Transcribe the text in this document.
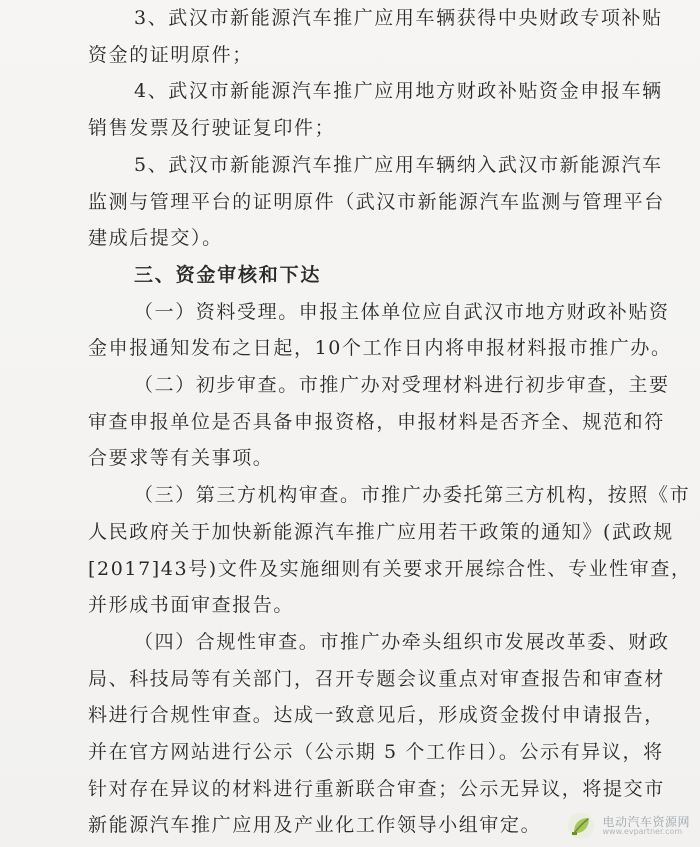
3、武汉市新能源汽车推广应用车辆获得中央财政专项补贴

资金的证明原件；

4、武汉市新能源汽车推广应用地方财政补贴资金申报车辆

销售发票及行驶证复印件；

5、武汉市新能源汽车推广应用车辆纳入武汉市新能源汽车

监测与管理平台的证明原件（武汉市新能源汽车监测与管理平台

建成后提交）。

三、资金审核和下达

（一）资料受理。申报主体单位应自武汉市地方财政补贴资

金申报通知发布之日起，10个工作日内将申报材料报市推广办。

（二）初步审查。市推广办对受理材料进行初步审查，主要

审查申报单位是否具备申报资格，申报材料是否齐全、规范和符

合要求等有关事项。

（三）第三方机构审查。市推广办委托第三方机构，按照《市

人民政府关于加快新能源汽车推广应用若干政策的通知》(武政规

[2017]43号)文件及实施细则有关要求开展综合性、专业性审查，

并形成书面审查报告。

（四）合规性审查。市推广办牵头组织市发展改革委、财政

局、科技局等有关部门，召开专题会议重点对审查报告和审查材

料进行合规性审查。达成一致意见后，形成资金拨付申请报告，

并在官方网站进行公示（公示期 5 个工作日）。公示有异议，将

针对存在异议的材料进行重新联合审查；公示无异议，将提交市

新能源汽车推广应用及产业化工作领导小组审定。	电动汽车资源网
www.evpartner.com
